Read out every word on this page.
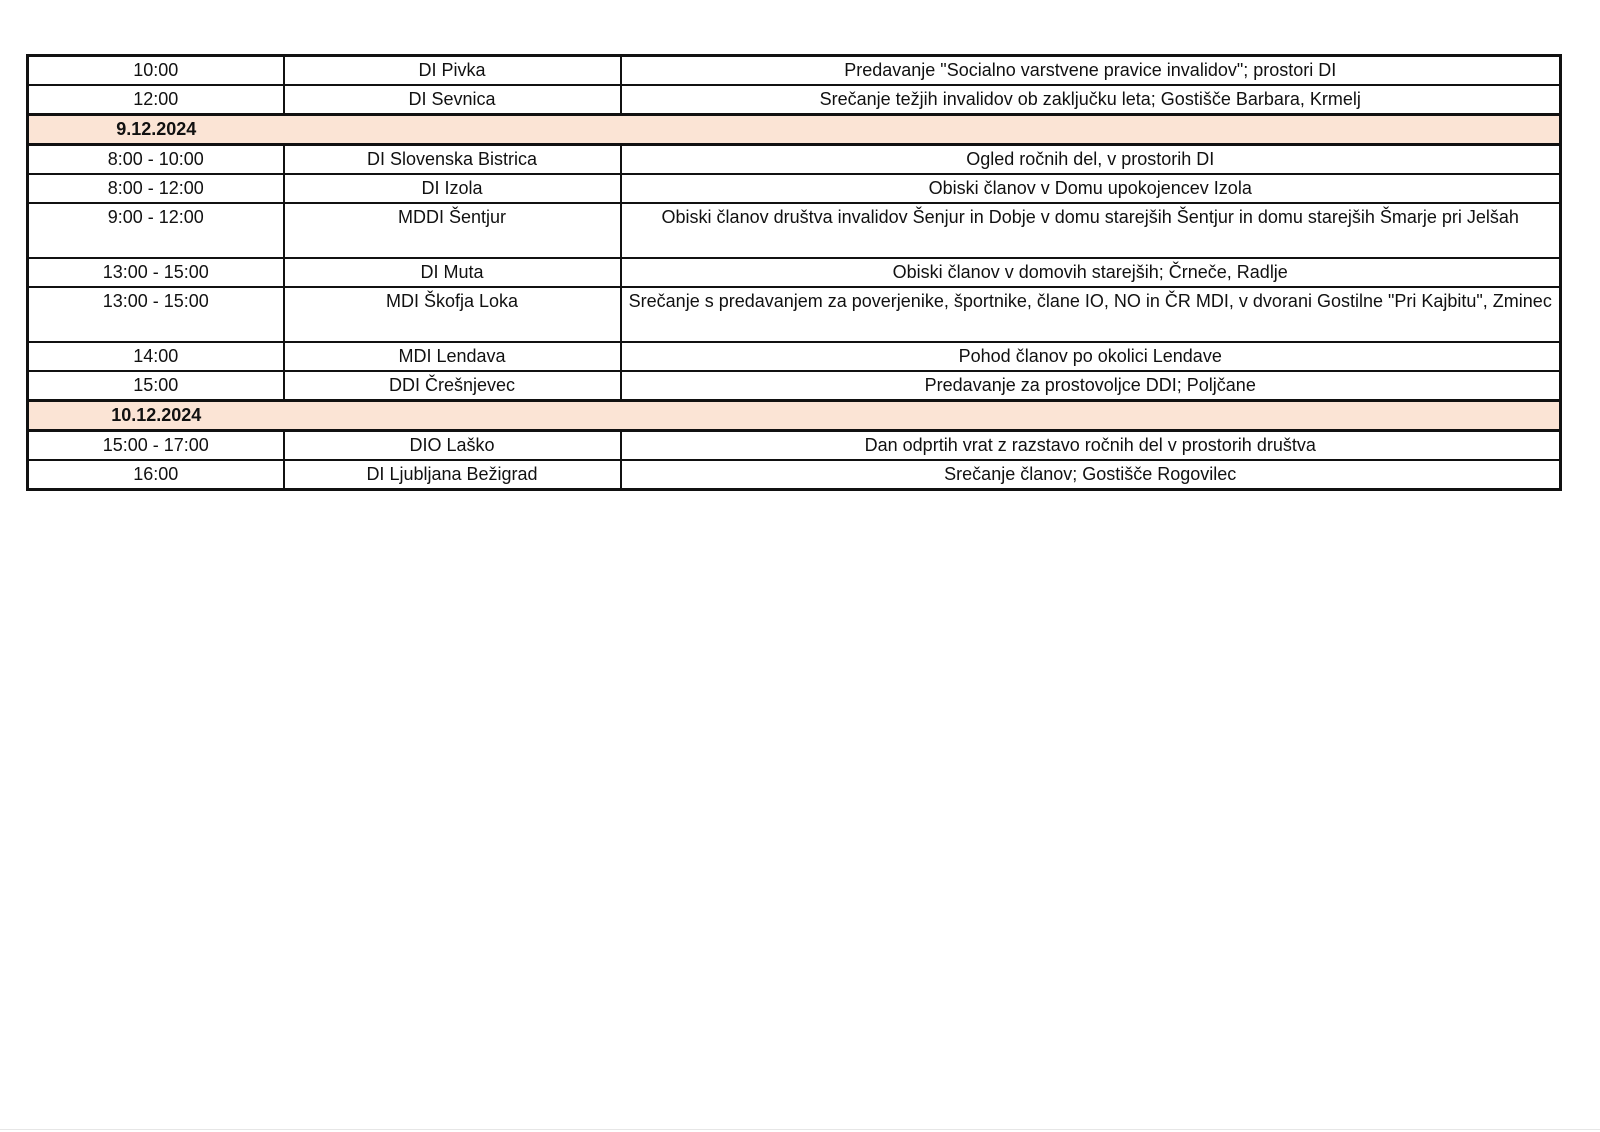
10:00	DI Pivka	Predavanje "Socialno varstvene pravice invalidov"; prostori DI
12:00	DI Sevnica	Srečanje težjih invalidov ob zaključku leta; Gostišče Barbara, Krmelj
9.12.2024		
8:00 - 10:00	DI Slovenska Bistrica	Ogled ročnih del, v prostorih DI
8:00 - 12:00	DI Izola	Obiski članov v Domu upokojencev Izola
9:00 - 12:00	MDDI Šentjur	Obiski članov društva invalidov Šenjur in Dobje v domu starejših Šentjur in domu starejših Šmarje pri Jelšah
13:00 - 15:00	DI Muta	Obiski članov v domovih starejših; Črneče, Radlje
13:00 - 15:00	MDI Škofja Loka	Srečanje s predavanjem za poverjenike, športnike, člane IO, NO in ČR MDI, v dvorani Gostilne "Pri Kajbitu", Zminec
14:00	MDI Lendava	Pohod članov po okolici Lendave
15:00	DDI Črešnjevec	Predavanje za prostovoljce DDI; Poljčane
10.12.2024		
15:00 - 17:00	DIO Laško	Dan odprtih vrat z razstavo ročnih del v prostorih društva
16:00	DI Ljubljana Bežigrad	Srečanje članov; Gostišče Rogovilec
